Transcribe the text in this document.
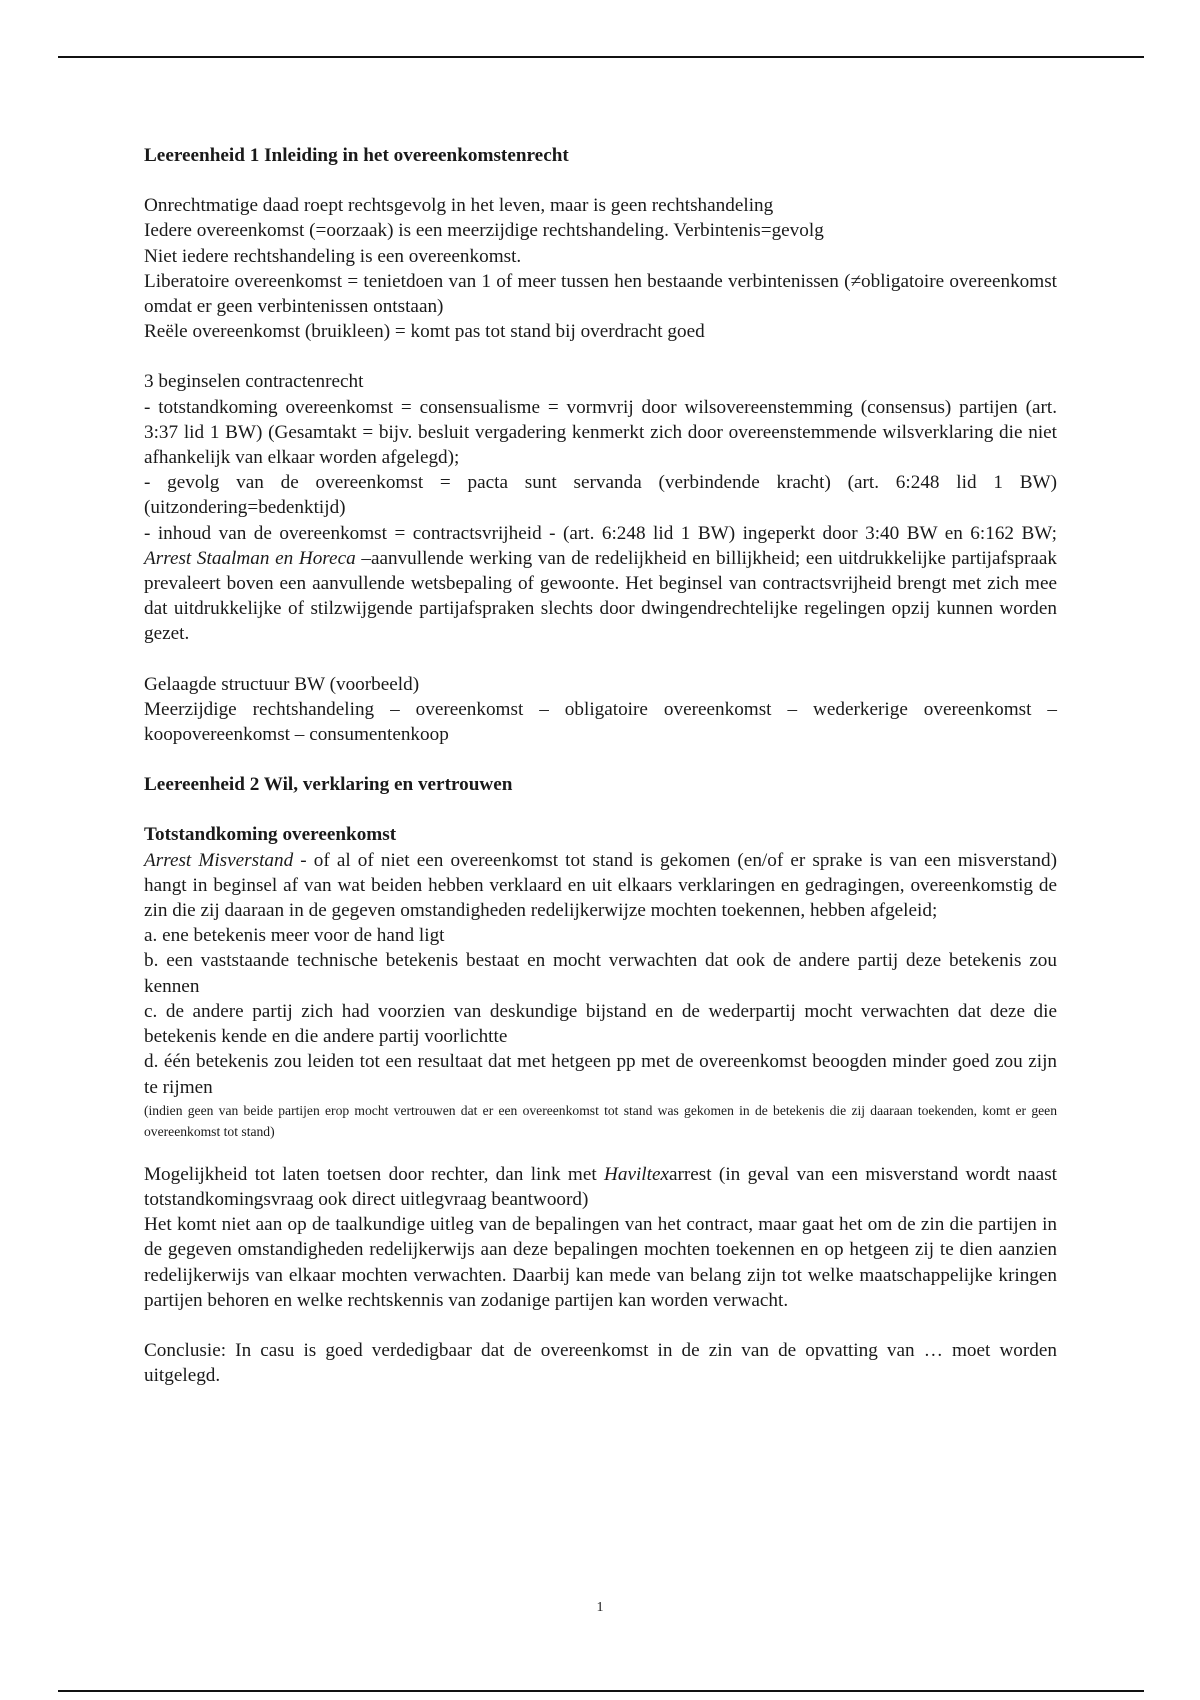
Leereenheid 1 Inleiding in het overeenkomstenrecht

Onrechtmatige daad roept rechtsgevolg in het leven, maar is geen rechtshandeling

Iedere overeenkomst (=oorzaak) is een meerzijdige rechtshandeling. Verbintenis=gevolg

Niet iedere rechtshandeling is een overeenkomst.

Liberatoire overeenkomst = tenietdoen van 1 of meer tussen hen bestaande verbintenissen (≠obligatoire overeenkomst omdat er geen verbintenissen ontstaan)

Reële overeenkomst (bruikleen) = komt pas tot stand bij overdracht goed

3 beginselen contractenrecht

- totstandkoming overeenkomst = consensualisme = vormvrij door wilsovereenstemming (consensus) partijen (art. 3:37 lid 1 BW) (Gesamtakt = bijv. besluit vergadering kenmerkt zich door overeenstemmende wilsverklaring die niet afhankelijk van elkaar worden afgelegd);

- gevolg van de overeenkomst = pacta sunt servanda (verbindende kracht) (art. 6:248 lid 1 BW) (uitzondering=bedenktijd)

- inhoud van de overeenkomst = contractsvrijheid - (art. 6:248 lid 1 BW) ingeperkt door 3:40 BW en 6:162 BW; Arrest Staalman en Horeca –aanvullende werking van de redelijkheid en billijkheid; een uitdrukkelijke partijafspraak prevaleert boven een aanvullende wetsbepaling of gewoonte. Het beginsel van contractsvrijheid brengt met zich mee dat uitdrukkelijke of stilzwijgende partijafspraken slechts door dwingendrechtelijke regelingen opzij kunnen worden gezet.

Gelaagde structuur BW (voorbeeld)

Meerzijdige rechtshandeling – overeenkomst – obligatoire overeenkomst – wederkerige overeenkomst – koopovereenkomst – consumentenkoop

Leereenheid 2 Wil, verklaring en vertrouwen

Totstandkoming overeenkomst

Arrest Misverstand - of al of niet een overeenkomst tot stand is gekomen (en/of er sprake is van een misverstand) hangt in beginsel af van wat beiden hebben verklaard en uit elkaars verklaringen en gedragingen, overeenkomstig de zin die zij daaraan in de gegeven omstandigheden redelijkerwijze mochten toekennen, hebben afgeleid;

a. ene betekenis meer voor de hand ligt

b. een vaststaande technische betekenis bestaat en mocht verwachten dat ook de andere partij deze betekenis zou kennen

c. de andere partij zich had voorzien van deskundige bijstand en de wederpartij mocht verwachten dat deze die betekenis kende en die andere partij voorlichtte

d. één betekenis zou leiden tot een resultaat dat met hetgeen pp met de overeenkomst beoogden minder goed zou zijn te rijmen

(indien geen van beide partijen erop mocht vertrouwen dat er een overeenkomst tot stand was gekomen in de betekenis die zij daaraan toekenden, komt er geen overeenkomst tot stand)

Mogelijkheid tot laten toetsen door rechter, dan link met Haviltexarrest (in geval van een misverstand wordt naast totstandkomingsvraag ook direct uitlegvraag beantwoord)

Het komt niet aan op de taalkundige uitleg van de bepalingen van het contract, maar gaat het om de zin die partijen in de gegeven omstandigheden redelijkerwijs aan deze bepalingen mochten toekennen en op hetgeen zij te dien aanzien redelijkerwijs van elkaar mochten verwachten. Daarbij kan mede van belang zijn tot welke maatschappelijke kringen partijen behoren en welke rechtskennis van zodanige partijen kan worden verwacht.

Conclusie: In casu is goed verdedigbaar dat de overeenkomst in de zin van de opvatting van … moet worden uitgelegd.

1
